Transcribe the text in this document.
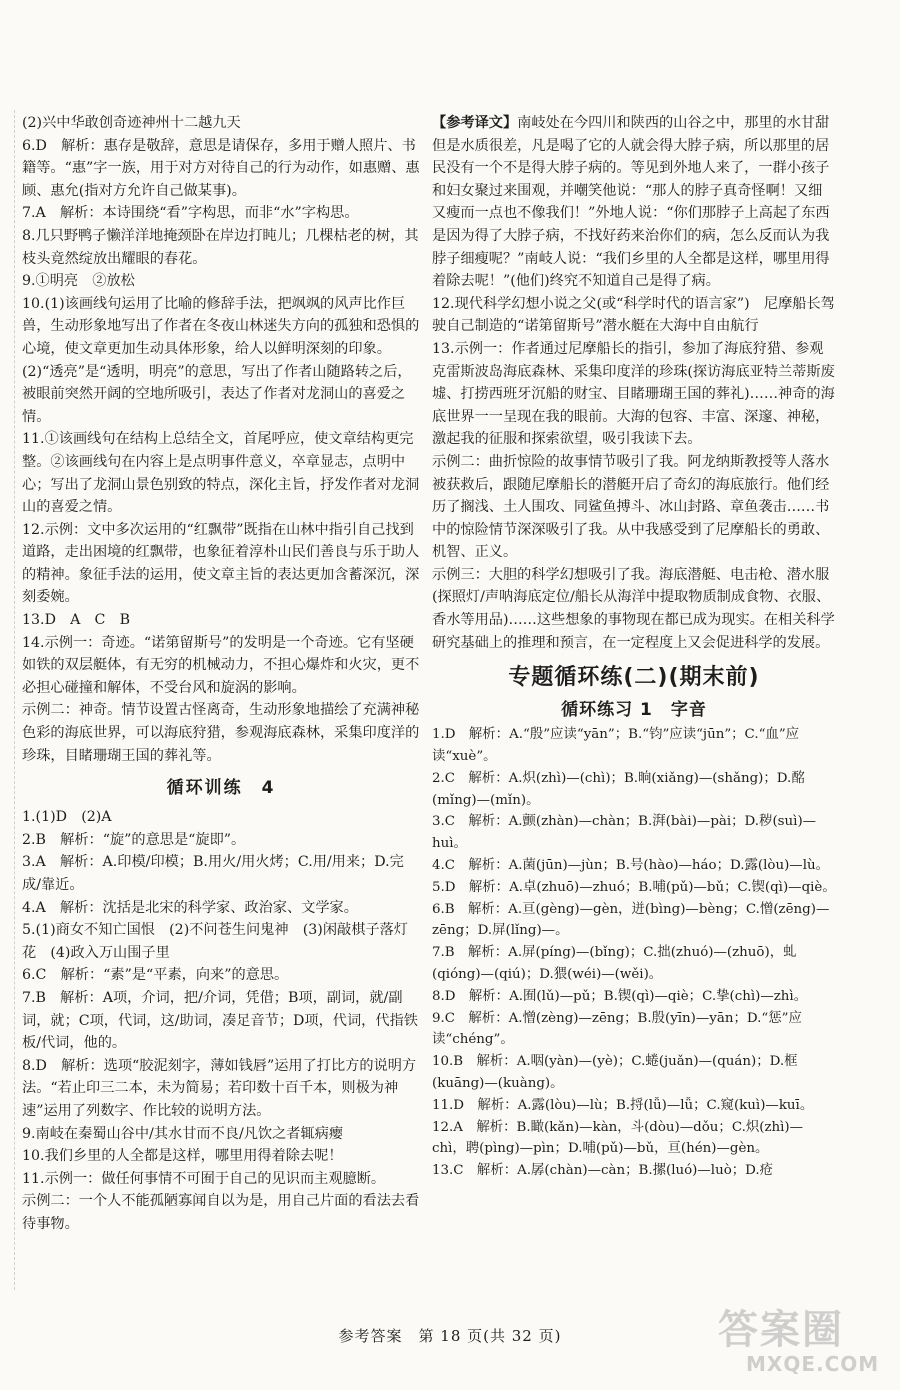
(2)兴中华敢创奇迹神州十二越九天

6.D　解析：惠存是敬辞，意思是请保存，多用于赠人照片、书籍等。“惠”字一族，用于对方对待自己的行为动作，如惠赠、惠顾、惠允(指对方允许自己做某事)。

7.A　解析：本诗围绕“看”字构思，而非“水”字构思。

8.几只野鸭子懒洋洋地掩颈卧在岸边打盹儿；几棵枯老的树，其枝头竟然绽放出耀眼的春花。

9.①明亮　②放松

10.(1)该画线句运用了比喻的修辞手法，把飒飒的风声比作巨兽，生动形象地写出了作者在冬夜山林迷失方向的孤独和恐惧的心境，使文章更加生动具体形象，给人以鲜明深刻的印象。

(2)“透亮”是“透明，明亮”的意思，写出了作者山随路转之后，被眼前突然开阔的空地所吸引，表达了作者对龙洞山的喜爱之情。

11.①该画线句在结构上总结全文，首尾呼应，使文章结构更完整。②该画线句在内容上是点明事件意义，卒章显志，点明中心；写出了龙洞山景色别致的特点，深化主旨，抒发作者对龙洞山的喜爱之情。

12.示例：文中多次运用的“红飘带”既指在山林中指引自己找到道路，走出困境的红飘带，也象征着淳朴山民们善良与乐于助人的精神。象征手法的运用，使文章主旨的表达更加含蓄深沉，深刻委婉。

13.D　A　C　B

14.示例一：奇迹。“诺第留斯号”的发明是一个奇迹。它有坚硬如铁的双层艇体，有无穷的机械动力，不担心爆炸和火灾，更不必担心碰撞和解体，不受台风和旋涡的影响。

示例二：神奇。情节设置古怪离奇，生动形象地描绘了充满神秘色彩的海底世界，可以海底狩猎，参观海底森林，采集印度洋的珍珠，目睹珊瑚王国的葬礼等。

循环训练　4

1.(1)D　(2)A

2.B　解析：“旋”的意思是“旋即”。

3.A　解析：A.印模/印模；B.用火/用火烤；C.用/用来；D.完成/靠近。

4.A　解析：沈括是北宋的科学家、政治家、文学家。

5.(1)商女不知亡国恨　(2)不问苍生问鬼神　(3)闲敲棋子落灯花　(4)政入万山围子里

6.C　解析：“素”是“平素，向来”的意思。

7.B　解析：A项，介词，把/介词，凭借；B项，副词，就/副词，就；C项，代词，这/助词，凑足音节；D项，代词，代指铁板/代词，他的。

8.D　解析：选项“胶泥刻字，薄如钱唇”运用了打比方的说明方法。“若止印三二本，未为简易；若印数十百千本，则极为神速”运用了列数字、作比较的说明方法。

9.南岐在秦蜀山谷中/其水甘而不良/凡饮之者辄病瘿

10.我们乡里的人全都是这样，哪里用得着除去呢！

11.示例一：做任何事情不可囿于自己的见识而主观臆断。

示例二：一个人不能孤陋寡闻自以为是，用自己片面的看法去看待事物。

【参考译文】南岐处在今四川和陕西的山谷之中，那里的水甘甜但是水质很差，凡是喝了它的人就会得大脖子病，所以那里的居民没有一个不是得大脖子病的。等见到外地人来了，一群小孩子和妇女聚过来围观，并嘲笑他说：“那人的脖子真奇怪啊！又细又瘦而一点也不像我们！”外地人说：“你们那脖子上高起了东西是因为得了大脖子病，不找好药来治你们的病，怎么反而认为我脖子细瘦呢？”南岐人说：“我们乡里的人全都是这样，哪里用得着除去呢！”(他们)终究不知道自己是得了病。

12.现代科学幻想小说之父(或“科学时代的语言家”)　尼摩船长驾驶自己制造的“诺第留斯号”潜水艇在大海中自由航行

13.示例一：作者通过尼摩船长的指引，参加了海底狩猎、参观克雷斯波岛海底森林、采集印度洋的珍珠(探访海底亚特兰蒂斯废墟、打捞西班牙沉船的财宝、目睹珊瑚王国的葬礼)……神奇的海底世界一一呈现在我的眼前。大海的包容、丰富、深邃、神秘，激起我的征服和探索欲望，吸引我读下去。

示例二：曲折惊险的故事情节吸引了我。阿龙纳斯教授等人落水被获救后，跟随尼摩船长的潜艇开启了奇幻的海底旅行。他们经历了搁浅、土人围攻、同鲨鱼搏斗、冰山封路、章鱼袭击……书中的惊险情节深深吸引了我。从中我感受到了尼摩船长的勇敢、机智、正义。

示例三：大胆的科学幻想吸引了我。海底潜艇、电击枪、潜水服(探照灯/声呐海底定位/船长从海洋中提取物质制成食物、衣服、香水等用品)……这些想象的事物现在都已成为现实。在相关科学研究基础上的推理和预言，在一定程度上又会促进科学的发展。

专题循环练(二)(期末前)
循环练习 1　字音

1.D　解析：A.“殷”应读“yān”；B.“钧”应读“jūn”；C.“血”应读“xuè”。

2.C　解析：A.炽(zhì)—(chì)；B.晌(xiǎng)—(shǎng)；D.酩(mǐng)—(mǐn)。

3.C　解析：A.颤(zhàn)—chàn；B.湃(bài)—pài；D.秽(suì)—huì。

4.C　解析：A.菌(jūn)—jùn；B.号(hào)—háo；D.露(lòu)—lù。

5.D　解析：A.卓(zhuō)—zhuó；B.哺(pǔ)—bǔ；C.锲(qì)—qiè。

6.B　解析：A.亘(gèng)—gèn，迸(bìng)—bèng；C.憎(zēng)—zēng；D.屏(lǐng)—。

7.B　解析：A.屏(píng)—(bǐng)；C.拙(zhuó)—(zhuō)，虬(qióng)—(qiú)；D.猥(wéi)—(wěi)。

8.D　解析：A.囿(lǔ)—pǔ；B.锲(qì)—qiè；C.挚(chì)—zhì。

9.C　解析：A.憎(zèng)—zēng；B.殷(yīn)—yān；D.“惩”应读“chéng”。

10.B　解析：A.咽(yàn)—(yè)；C.蜷(juǎn)—(quán)；D.框(kuāng)—(kuàng)。

11.D　解析：A.露(lòu)—lù；B.捋(lǚ)—lǚ；C.窥(kuì)—kuī。

12.A　解析：B.瞰(kǎn)—kàn，斗(dòu)—dǒu；C.炽(zhì)—chì，聘(pìng)—pìn；D.哺(pǔ)—bǔ，亘(hén)—gèn。

13.C　解析：A.孱(chàn)—càn；B.摞(luó)—luò；D.疮

参考答案　第 18 页(共 32 页)	答案圈
MXQE.COM
